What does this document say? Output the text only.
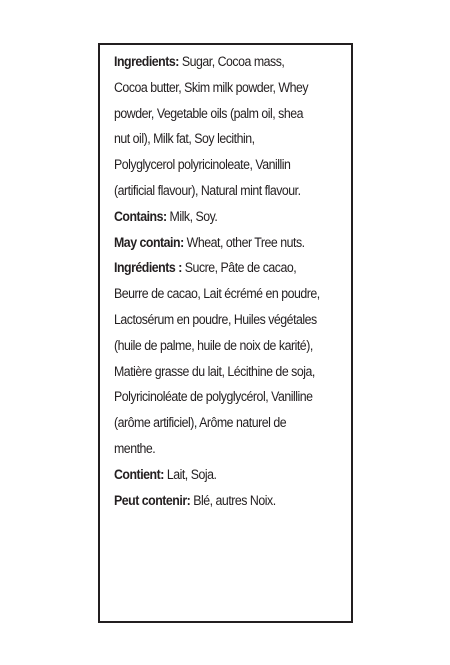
Ingredients: Sugar, Cocoa mass,
Cocoa butter, Skim milk powder, Whey
powder, Vegetable oils (palm oil, shea
nut oil), Milk fat, Soy lecithin,
Polyglycerol polyricinoleate, Vanillin
(artificial flavour), Natural mint flavour.
Contains: Milk, Soy.
May contain: Wheat, other Tree nuts.
Ingrédients : Sucre, Pâte de cacao,
Beurre de cacao, Lait écrémé en poudre,
Lactosérum en poudre, Huiles végétales
(huile de palme, huile de noix de karité),
Matière grasse du lait, Lécithine de soja,
Polyricinoléate de polyglycérol, Vanilline
(arôme artificiel), Arôme naturel de
menthe.
Contient: Lait, Soja.
Peut contenir: Blé, autres Noix.
